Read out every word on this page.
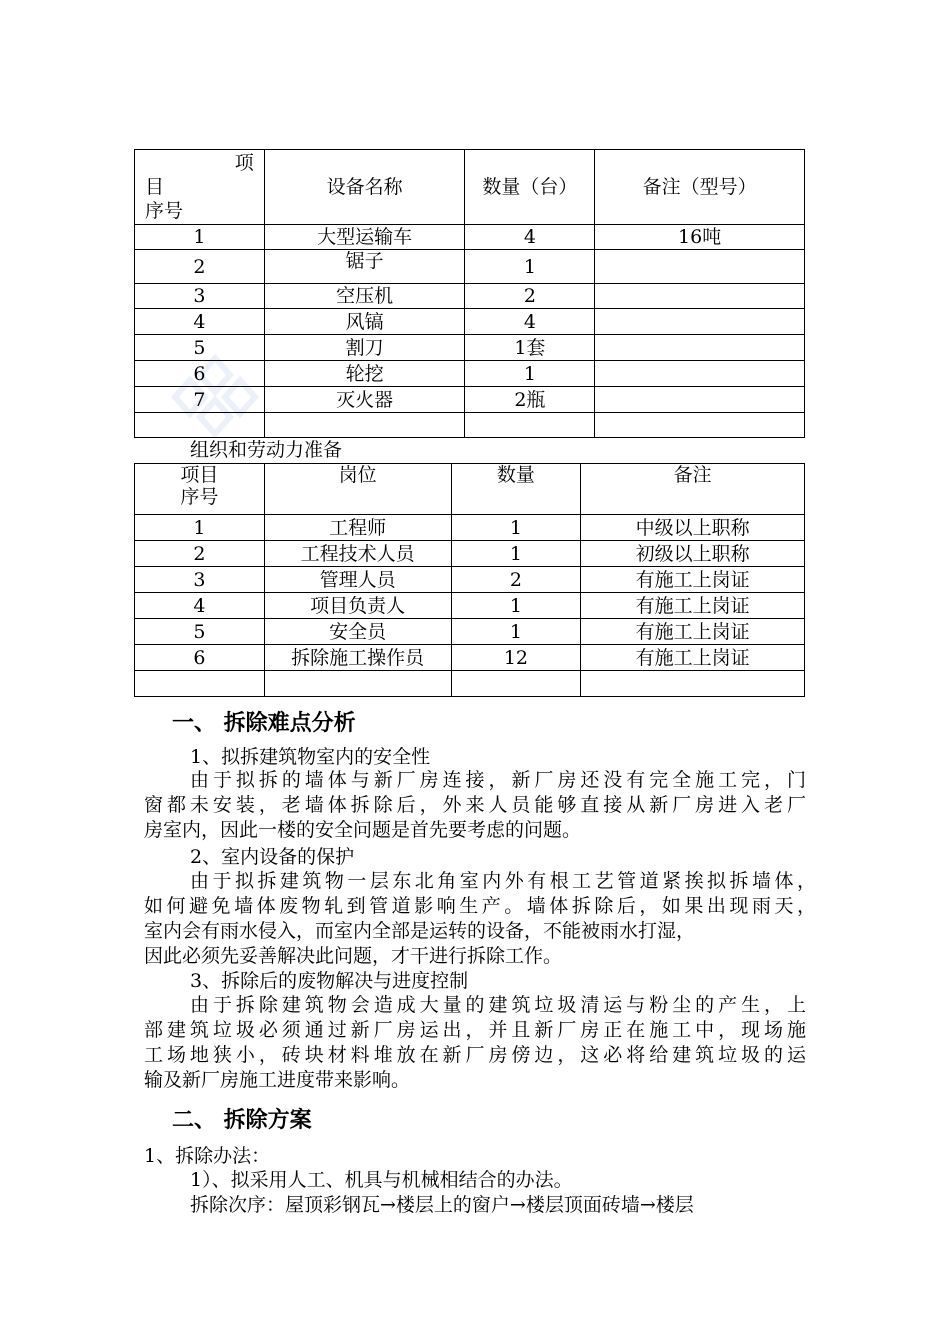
项
目
序号	设备名称	数量（台）	备注（型号）
1	大型运输车	4	16吨
2	锯子	1	
3	空压机	2	
4	风镐	4	
5	割刀	1套	
6	轮挖	1	
7	灭火器	2瓶	

组织和劳动力准备
项目
序号	岗位	数量	备注
1	工程师	1	中级以上职称
2	工程技术人员	1	初级以上职称
3	管理人员	2	有施工上岗证
4	项目负责人	1	有施工上岗证
5	安全员	1	有施工上岗证
6	拆除施工操作员	12	有施工上岗证

一、 拆除难点分析
1、拟拆建筑物室内的安全性
由于拟拆的墙体与新厂房连接，新厂房还没有完全施工完，门
窗都未安装，老墙体拆除后，外来人员能够直接从新厂房进入老厂
房室内，因此一楼的安全问题是首先要考虑的问题。
2、室内设备的保护
由于拟拆建筑物一层东北角室内外有根工艺管道紧挨拟拆墙体，
如何避免墙体废物轧到管道影响生产。墙体拆除后，如果出现雨天，
室内会有雨水侵入，而室内全部是运转的设备，不能被雨水打湿，
因此必须先妥善解决此问题，才干进行拆除工作。
3、拆除后的废物解决与进度控制
由于拆除建筑物会造成大量的建筑垃圾清运与粉尘的产生，上
部建筑垃圾必须通过新厂房运出，并且新厂房正在施工中，现场施
工场地狭小，砖块材料堆放在新厂房傍边，这必将给建筑垃圾的运
输及新厂房施工进度带来影响。
二、 拆除方案
1、拆除办法：
1）、拟采用人工、机具与机械相结合的办法。
拆除次序：屋顶彩钢瓦→楼层上的窗户→楼层顶面砖墙→楼层
